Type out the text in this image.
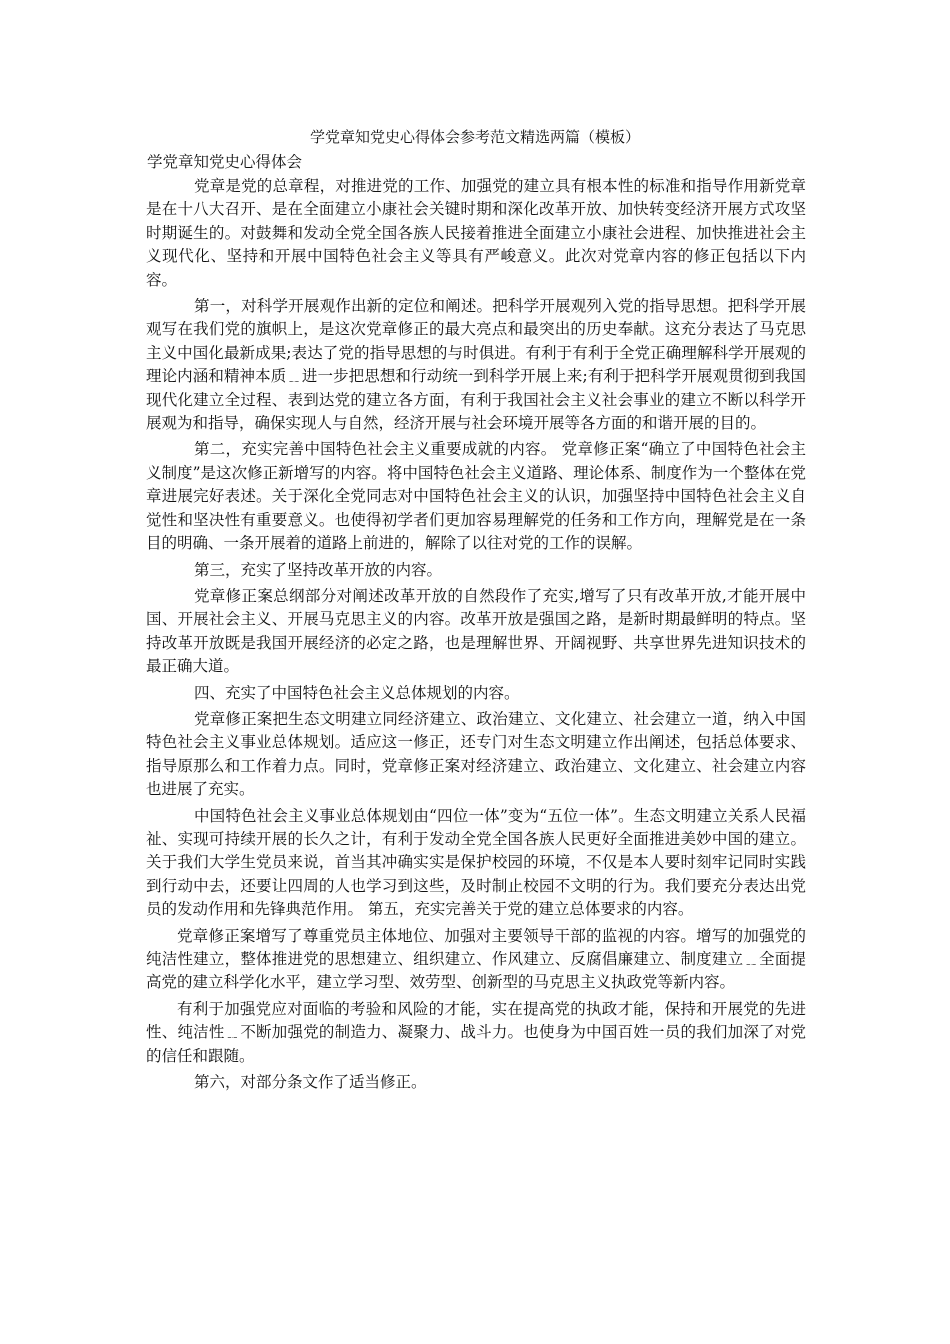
学党章知党史心得体会参考范文精选两篇（模板）
学党章知党史心得体会

党章是党的总章程，对推进党的工作、加强党的建立具有根本性的标准和指导作用新党章是在十八大召开、是在全面建立小康社会关键时期和深化改革开放、加快转变经济开展方式攻坚时期诞生的。对鼓舞和发动全党全国各族人民接着推进全面建立小康社会进程、加快推进社会主义现代化、坚持和开展中国特色社会主义等具有严峻意义。此次对党章内容的修正包括以下内容。

第一，对科学开展观作出新的定位和阐述。把科学开展观列入党的指导思想。把科学开展观写在我们党的旗帜上，是这次党章修正的最大亮点和最突出的历史奉献。这充分表达了马克思主义中国化最新成果;表达了党的指导思想的与时俱进。有利于有利于全党正确理解科学开展观的理论内涵和精神本质﹎进一步把思想和行动统一到科学开展上来;有利于把科学开展观贯彻到我国现代化建立全过程、表到达党的建立各方面，有利于我国社会主义社会事业的建立不断以科学开展观为和指导，确保实现人与自然，经济开展与社会环境开展等各方面的和谐开展的目的。

第二，充实完善中国特色社会主义重要成就的内容。 党章修正案“确立了中国特色社会主义制度”是这次修正新增写的内容。将中国特色社会主义道路、理论体系、制度作为一个整体在党章进展完好表述。关于深化全党同志对中国特色社会主义的认识，加强坚持中国特色社会主义自觉性和坚决性有重要意义。也使得初学者们更加容易理解党的任务和工作方向，理解党是在一条目的明确、一条开展着的道路上前进的，解除了以往对党的工作的误解。

第三，充实了坚持改革开放的内容。

党章修正案总纲部分对阐述改革开放的自然段作了充实,增写了只有改革开放,才能开展中国、开展社会主义、开展马克思主义的内容。改革开放是强国之路，是新时期最鲜明的特点。坚持改革开放既是我国开展经济的必定之路，也是理解世界、开阔视野、共享世界先进知识技术的最正确大道。

四、充实了中国特色社会主义总体规划的内容。

党章修正案把生态文明建立同经济建立、政治建立、文化建立、社会建立一道，纳入中国特色社会主义事业总体规划。适应这一修正，还专门对生态文明建立作出阐述，包括总体要求、指导原那么和工作着力点。同时，党章修正案对经济建立、政治建立、文化建立、社会建立内容也进展了充实。

中国特色社会主义事业总体规划由“四位一体”变为“五位一体”。生态文明建立关系人民福祉、实现可持续开展的长久之计，有利于发动全党全国各族人民更好全面推进美妙中国的建立。关于我们大学生党员来说，首当其冲确实实是保护校园的环境，不仅是本人要时刻牢记同时实践到行动中去，还要让四周的人也学习到这些，及时制止校园不文明的行为。我们要充分表达出党员的发动作用和先锋典范作用。 第五，充实完善关于党的建立总体要求的内容。

党章修正案增写了尊重党员主体地位、加强对主要领导干部的监视的内容。增写的加强党的纯洁性建立，整体推进党的思想建立、组织建立、作风建立、反腐倡廉建立、制度建立﹎全面提高党的建立科学化水平，建立学习型、效劳型、创新型的马克思主义执政党等新内容。

有利于加强党应对面临的考验和风险的才能，实在提高党的执政才能，保持和开展党的先进性、纯洁性﹎不断加强党的制造力、凝聚力、战斗力。也使身为中国百姓一员的我们加深了对党的信任和跟随。

第六，对部分条文作了适当修正。
